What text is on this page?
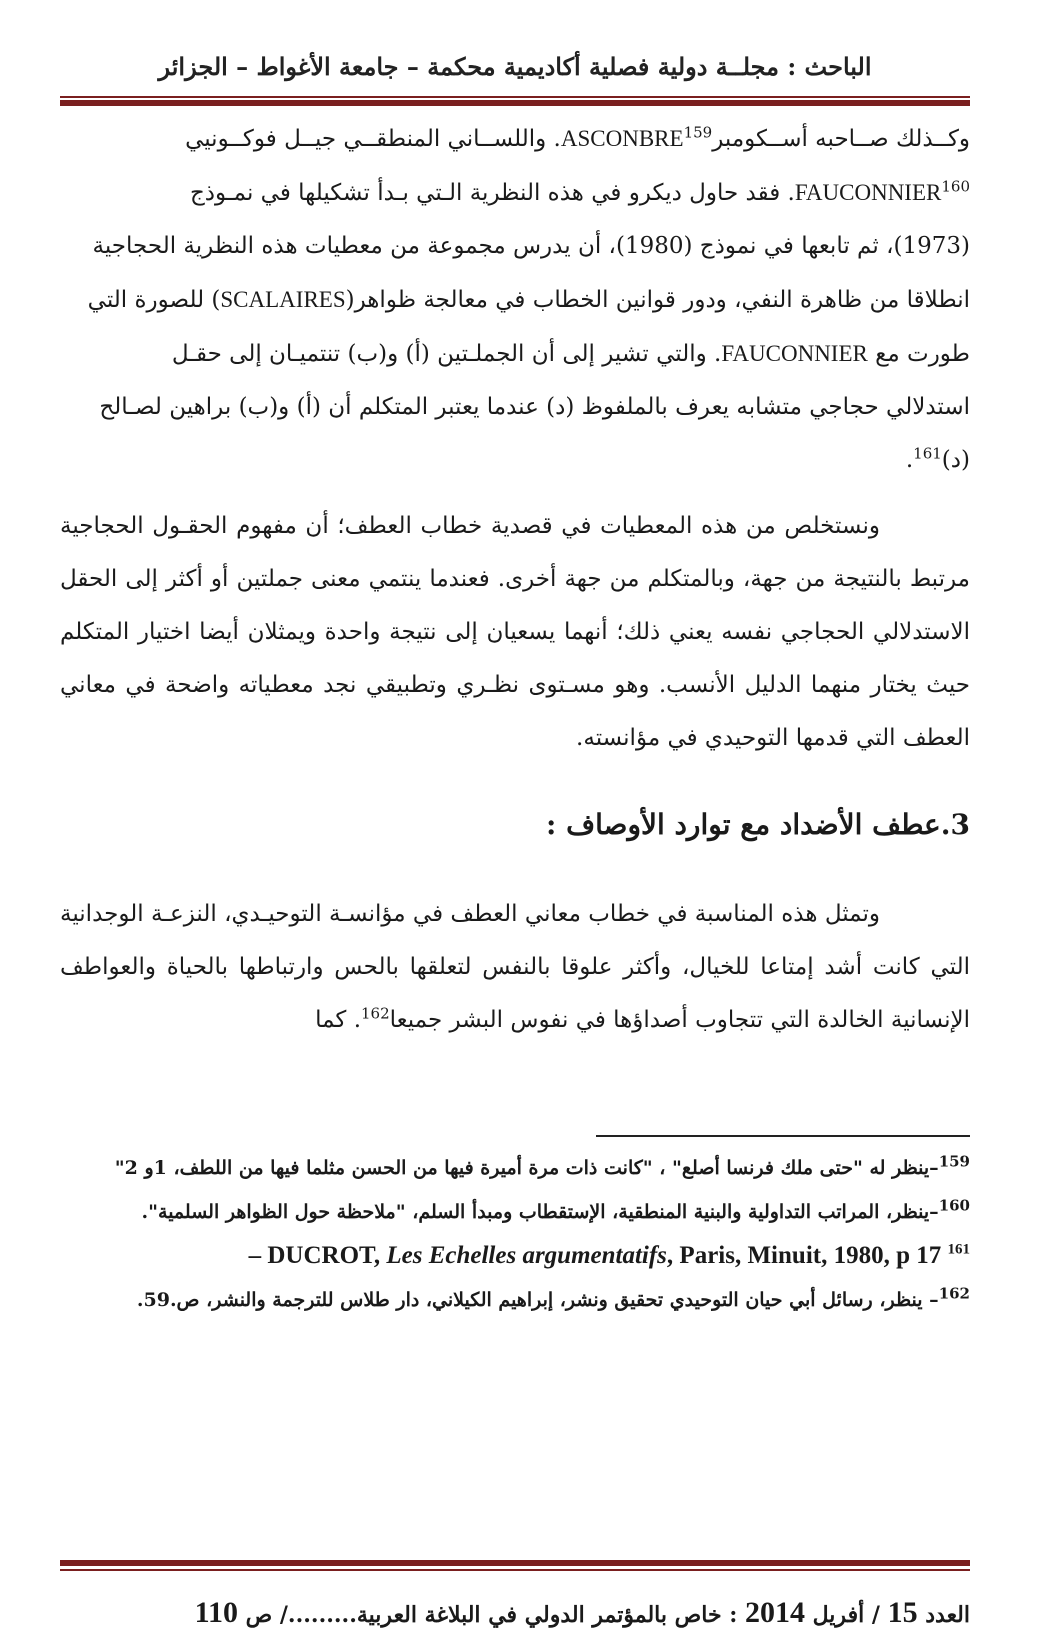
الباحث : مجلــة دولية فصلية أكاديمية محكمة – جامعة الأغواط – الجزائر

وكــذلك صــاحبه أســكومبرASCONBRE$^{159}$. واللســاني المنطقــي جيــل فوكــونيي

FAUCONNIER$^{160}$. فقد حاول ديكرو في هذه النظرية الـتي بـدأ تشكيلها في نمـوذج

(1973)، ثم تابعها في نموذج (1980)، أن يدرس مجموعة من معطيات هذه النظرية الحجاجية

انطلاقا من ظاهرة النفي، ودور قوانين الخطاب في معالجة ظواهر(SCALAIRES) للصورة التي

طورت مع FAUCONNIER. والتي تشير إلى أن الجملـتين (أ) و(ب) تنتميـان إلى حقـل

استدلالي حجاجي متشابه يعرف بالملفوظ (د) عندما يعتبر المتكلم أن (أ) و(ب) براهين لصـالح

(د)$^{161}$.

ونستخلص من هذه المعطيات في قصدية خطاب العطف؛ أن مفهوم الحقـول الحجاجية مرتبط بالنتيجة من جهة، وبالمتكلم من جهة أخرى. فعندما ينتمي معنى جملتين أو أكثر إلى الحقل الاستدلالي الحجاجي نفسه يعني ذلك؛ أنهما يسعيان إلى نتيجة واحدة ويمثلان أيضا اختيار المتكلم حيث يختار منهما الدليل الأنسب. وهو مسـتوى نظـري وتطبيقي نجد معطياته واضحة في معاني العطف التي قدمها التوحيدي في مؤانسته.
3.عطف الأضداد مع توارد الأوصاف :
وتمثل هذه المناسبة في خطاب معاني العطف في مؤانسـة التوحيـدي، النزعـة الوجدانية التي كانت أشد إمتاعا للخيال، وأكثر علوقا بالنفس لتعلقها بالحس وارتباطها بالحياة والعواطف الإنسانية الخالدة التي تتجاوب أصداؤها في نفوس البشر جميعا$^{162}$. كما

$^{159}$–ينظر له "حتى ملك فرنسا أصلع" ، "كانت ذات مرة أميرة فيها من الحسن مثلما فيها من اللطف، 1و 2"

$^{160}$–ينظر، المراتب التداولية والبنية المنطقية، الإستقطاب ومبدأ السلم، "ملاحظة حول الظواهر السلمية".

– DUCROT, Les Echelles argumentatifs, Paris, Minuit, 1980, p 17 $^{161}$

$^{162}$– ينظر، رسائل أبي حيان التوحيدي تحقيق ونشر، إبراهيم الكيلاني، دار طلاس للترجمة والنشر، ص.59.

العدد 15 / أفريل 2014 : خاص بالمؤتمر الدولي في البلاغة العربية........./ ص 110
